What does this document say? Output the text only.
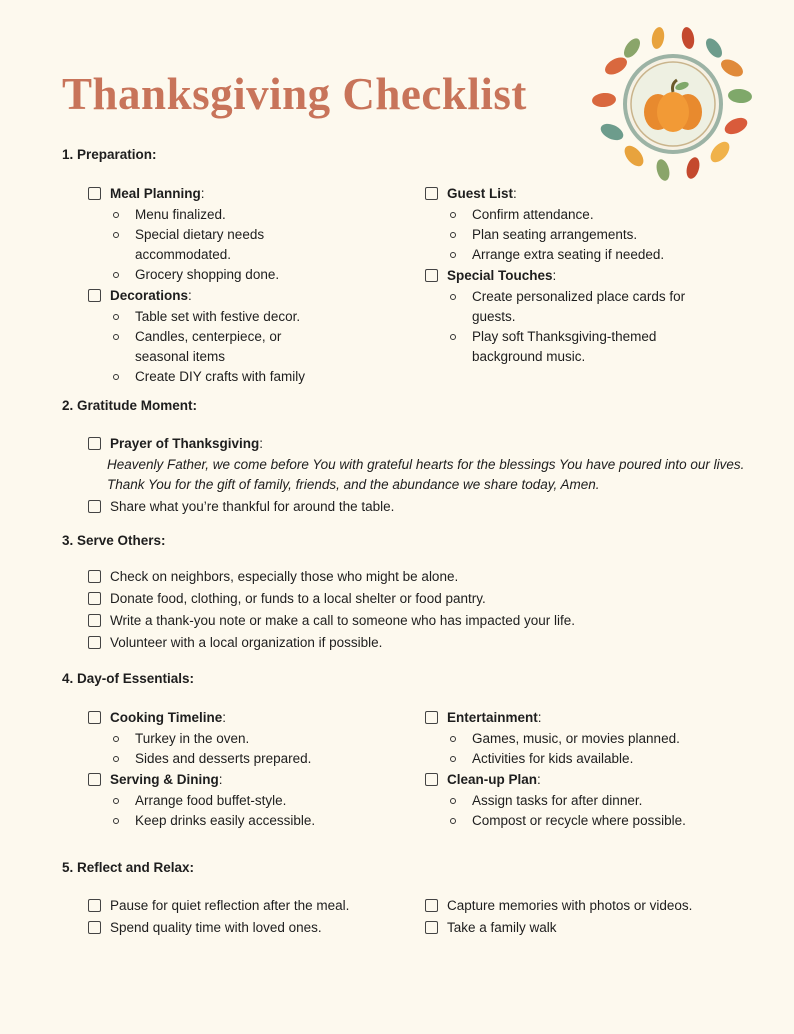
Thanksgiving Checklist
1. Preparation:
Meal Planning:
Menu finalized.
Special dietary needs accommodated.
Grocery shopping done.
Decorations:
Table set with festive decor.
Candles, centerpiece, or seasonal items
Create DIY crafts with family
Guest List:
Confirm attendance.
Plan seating arrangements.
Arrange extra seating if needed.
Special Touches:
Create personalized place cards for guests.
Play soft Thanksgiving-themed background music.
2. Gratitude Moment:
Prayer of Thanksgiving:
Heavenly Father, we come before You with grateful hearts for the blessings You have poured into our lives. Thank You for the gift of family, friends, and the abundance we share today, Amen.
Share what you’re thankful for around the table.
3. Serve Others:
Check on neighbors, especially those who might be alone.
Donate food, clothing, or funds to a local shelter or food pantry.
Write a thank-you note or make a call to someone who has impacted your life.
Volunteer with a local organization if possible.
4. Day-of Essentials:
Cooking Timeline:
Turkey in the oven.
Sides and desserts prepared.
Serving & Dining:
Arrange food buffet-style.
Keep drinks easily accessible.
Entertainment:
Games, music, or movies planned.
Activities for kids available.
Clean-up Plan:
Assign tasks for after dinner.
Compost or recycle where possible.
5. Reflect and Relax:
Pause for quiet reflection after the meal.
Spend quality time with loved ones.
Capture memories with photos or videos.
Take a family walk
